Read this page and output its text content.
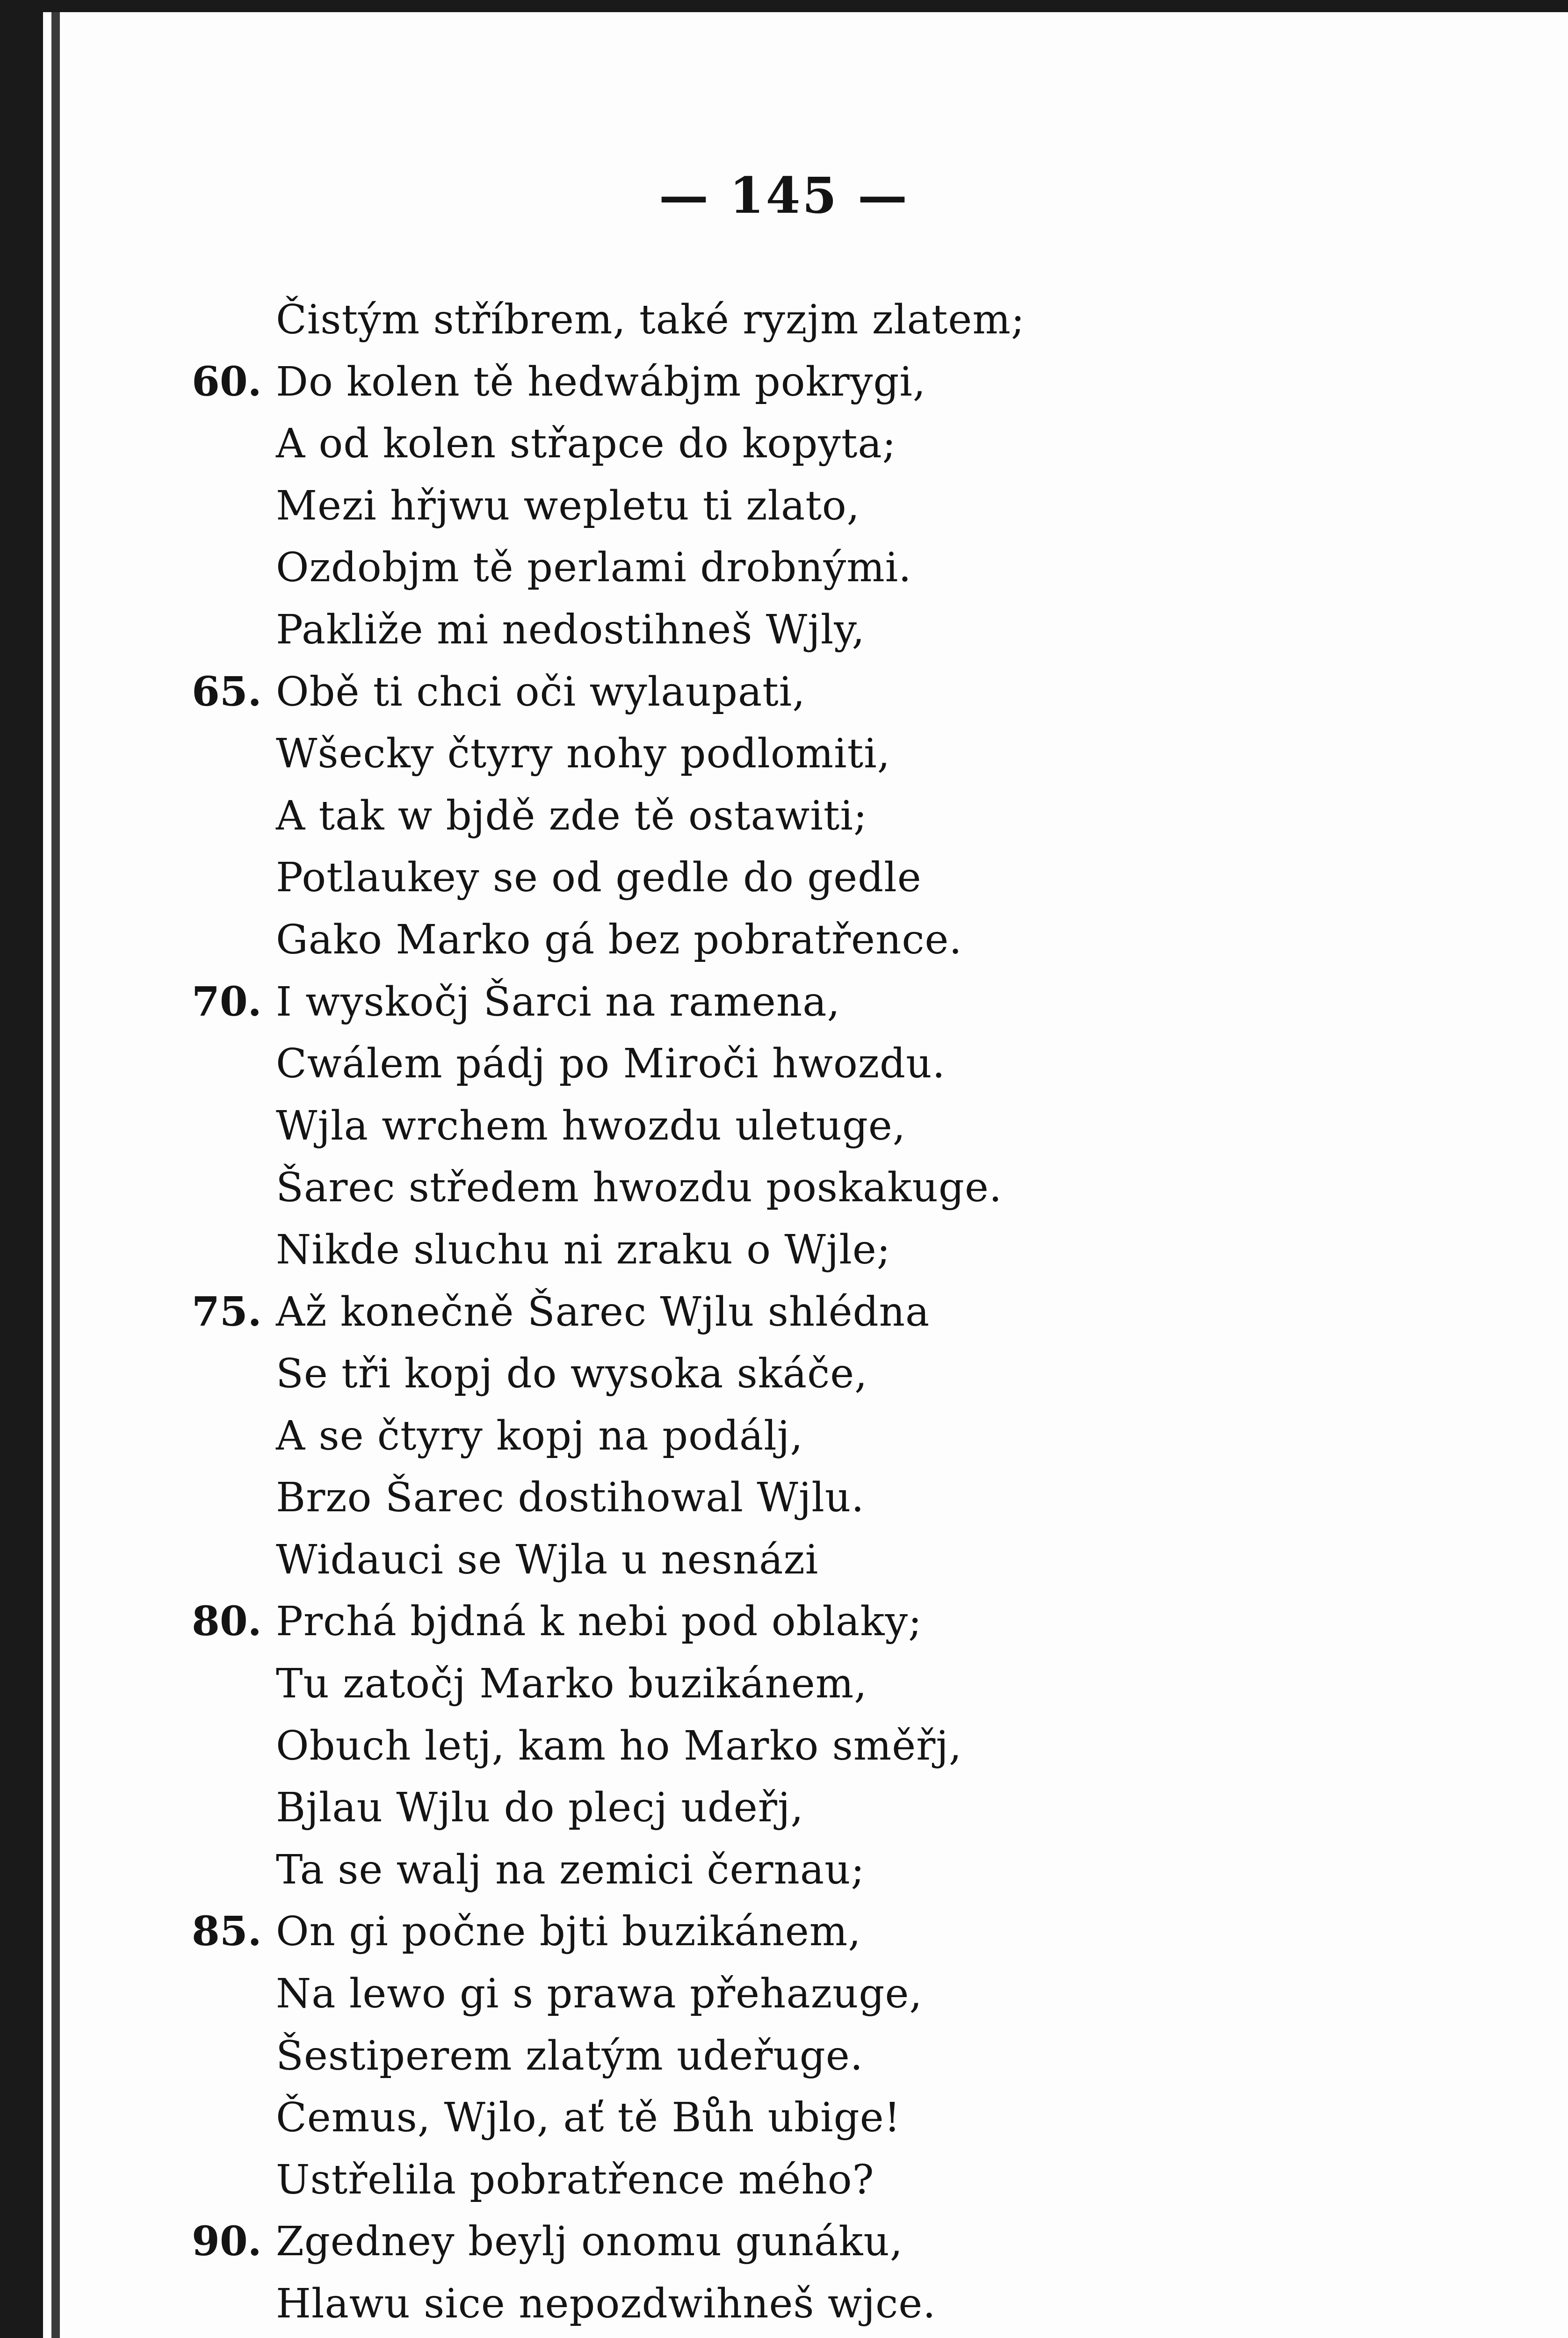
— 145 —
Čistým stříbrem, také ryzjm zlatem;
60. Do kolen tě hedwábjm pokrygi,
A od kolen střapce do kopyta;
Mezi hřjwu wepletu ti zlato,
Ozdobjm tě perlami drobnými.
Pakliže mi nedostihneš Wjly,
65. Obě ti chci oči wylaupati,
Wšecky čtyry nohy podlomiti,
A tak w bjdě zde tě ostawiti;
Potlaukey se od gedle do gedle
Gako Marko gá bez pobratřence.
70. I wyskočj Šarci na ramena,
Cwálem pádj po Miroči hwozdu.
Wjla wrchem hwozdu uletuge,
Šarec středem hwozdu poskakuge.
Nikde sluchu ni zraku o Wjle;
75. Až konečně Šarec Wjlu shlédna
Se tři kopj do wysoka skáče,
A se čtyry kopj na podálj,
Brzo Šarec dostihowal Wjlu.
Widauci se Wjla u nesnázi
80. Prchá bjdná k nebi pod oblaky;
Tu zatočj Marko buzikánem,
Obuch letj, kam ho Marko směřj,
Bjlau Wjlu do plecj udeřj,
Ta se walj na zemici černau;
85. On gi počne bjti buzikánem,
Na lewo gi s prawa přehazuge,
Šestiperem zlatým udeřuge.
Čemus, Wjlo, ať tě Bůh ubige!
Ustřelila pobratřence mého?
90. Zgedney beylj onomu gunáku,
Hlawu sice nepozdwihneš wjce.
